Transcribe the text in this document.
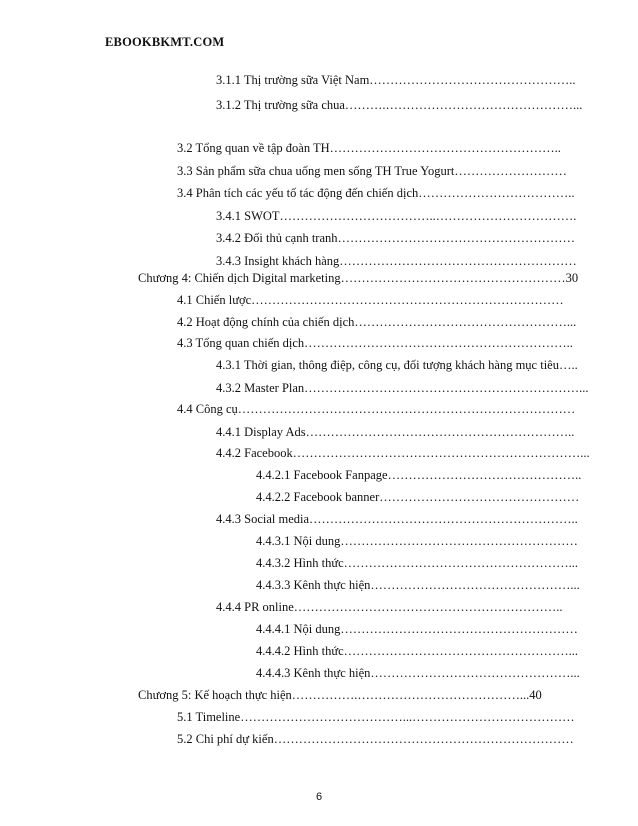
EBOOKBKMT.COM
3.1.1 Thị trường sữa Việt Nam…………………………………………..
3.1.2 Thị trường sữa chua……….………………………………………...
3.2 Tổng quan về tập đoàn TH………………………………………………..
3.3 Sản phẩm sữa chua uống men sống TH True Yogurt………………………
3.4 Phân tích các yếu tố tác động đến chiến dịch………………………………..
3.4.1 SWOT………………………………..…………………………….
3.4.2 Đối thủ cạnh tranh…………………………………………………
3.4.3 Insight khách hàng…………………………………………………
Chương 4: Chiến dịch Digital marketing………………………………………………30
4.1 Chiến lược…………………………………………………………………
4.2 Hoạt động chính của chiến dịch……………………………………………...
4.3 Tổng quan chiến dịch………………………………………………………..
4.3.1 Thời gian, thông điệp, công cụ, đối tượng khách hàng mục tiêu…..
4.3.2 Master Plan…………………………………………………………...
4.4 Công cụ………………………………………………………………………
4.4.1 Display Ads………………………………………………………..
4.4.2 Facebook……………………………………………………………...
4.4.2.1 Facebook Fanpage………………………………………..
4.4.2.2 Facebook banner…………………………………………
4.4.3 Social media………………………………………………………..
4.4.3.1 Nội dung…………………………………………………
4.4.3.2 Hình thức………………………………………………...
4.4.3.3 Kênh thực hiện…………………………………………...
4.4.4 PR online………………………………………………………..
4.4.4.1 Nội dung…………………………………………………
4.4.4.2 Hình thức………………………………………………...
4.4.4.3 Kênh thực hiện…………………………………………...
Chương 5: Kế hoạch thực hiện…………….…………………………………...40
5.1 Timeline…………………………………...…………………………………
5.2 Chi phí dự kiến………………………………………………………………
6
